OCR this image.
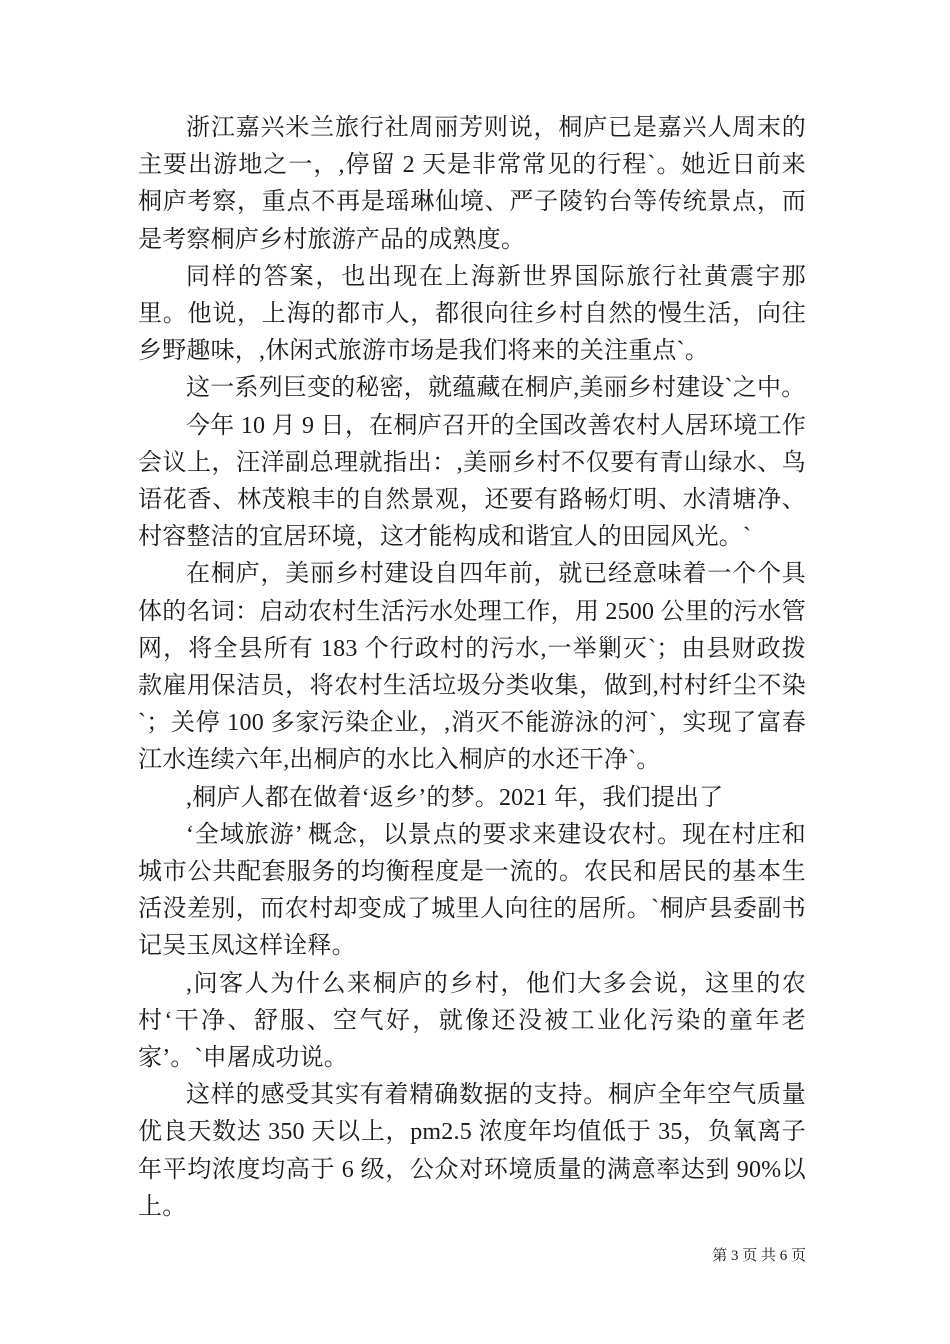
浙江嘉兴米兰旅行社周丽芳则说，桐庐已是嘉兴人周末的主要出游地之一，,停留 2 天是非常常见的行程`。她近日前来桐庐考察，重点不再是瑶琳仙境、严子陵钓台等传统景点，而是考察桐庐乡村旅游产品的成熟度。

同样的答案，也出现在上海新世界国际旅行社黄震宇那里。他说，上海的都市人，都很向往乡村自然的慢生活，向往乡野趣味，,休闲式旅游市场是我们将来的关注重点`。

这一系列巨变的秘密，就蕴藏在桐庐,美丽乡村建设`之中。

今年 10 月 9 日，在桐庐召开的全国改善农村人居环境工作会议上，汪洋副总理就指出：,美丽乡村不仅要有青山绿水、鸟语花香、林茂粮丰的自然景观，还要有路畅灯明、水清塘净、村容整洁的宜居环境，这才能构成和谐宜人的田园风光。`

在桐庐，美丽乡村建设自四年前，就已经意味着一个个具体的名词：启动农村生活污水处理工作，用 2500 公里的污水管网，将全县所有 183 个行政村的污水,一举剿灭`；由县财政拨款雇用保洁员，将农村生活垃圾分类收集，做到,村村纤尘不染`；关停 100 多家污染企业，,消灭不能游泳的河`，实现了富春江水连续六年,出桐庐的水比入桐庐的水还干净`。

,桐庐人都在做着‘返乡’的梦。2021 年，我们提出了

‘全域旅游’ 概念，以景点的要求来建设农村。现在村庄和城市公共配套服务的均衡程度是一流的。农民和居民的基本生活没差别，而农村却变成了城里人向往的居所。`桐庐县委副书记吴玉凤这样诠释。

,问客人为什么来桐庐的乡村，他们大多会说，这里的农村‘干净、舒服、空气好，就像还没被工业化污染的童年老家’。`申屠成功说。

这样的感受其实有着精确数据的支持。桐庐全年空气质量优良天数达 350 天以上，pm2.5 浓度年均值低于 35，负氧离子年平均浓度均高于 6 级，公众对环境质量的满意率达到 90%以上。

第 3 页 共 6 页
